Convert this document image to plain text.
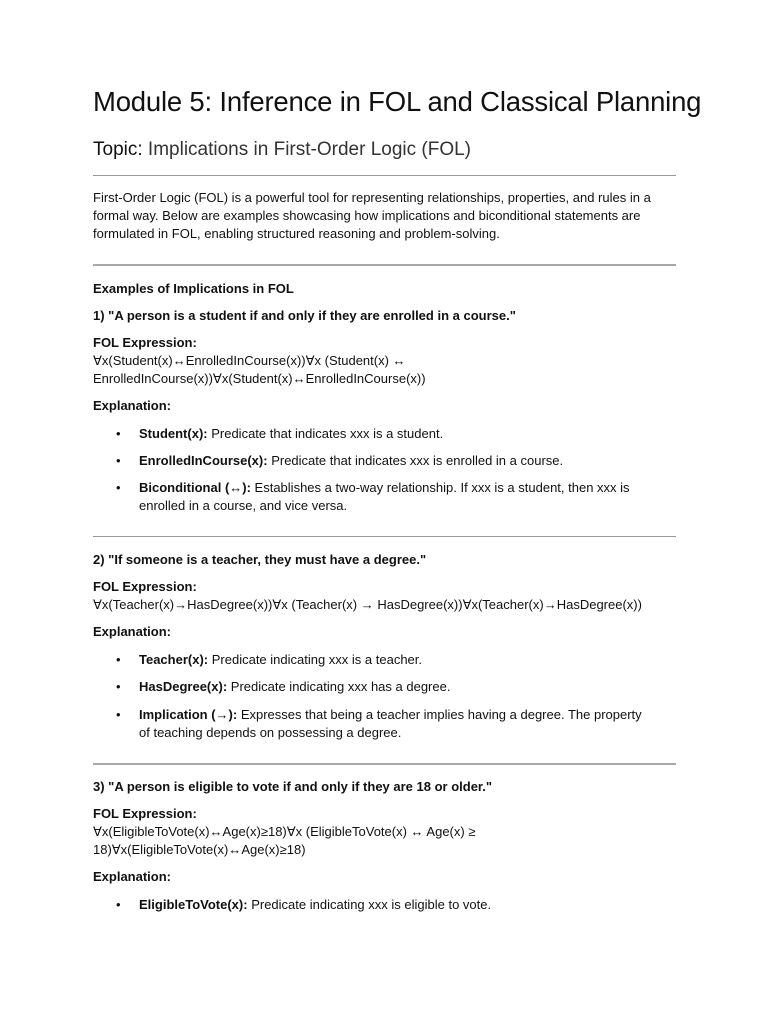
Module 5: Inference in FOL and Classical Planning

Topic: Implications in First-Order Logic (FOL)

First-Order Logic (FOL) is a powerful tool for representing relationships, properties, and rules in a formal way. Below are examples showcasing how implications and biconditional statements are formulated in FOL, enabling structured reasoning and problem-solving.

Examples of Implications in FOL

1) "A person is a student if and only if they are enrolled in a course."

FOL Expression:

∀x(Student(x)↔EnrolledInCourse(x))∀x (Student(x) ↔

EnrolledInCourse(x))∀x(Student(x)↔EnrolledInCourse(x))

Explanation:

•	Student(x): Predicate that indicates xxx is a student.

•	EnrolledInCourse(x): Predicate that indicates xxx is enrolled in a course.

•	Biconditional (↔): Establishes a two-way relationship. If xxx is a student, then xxx is enrolled in a course, and vice versa.

2) "If someone is a teacher, they must have a degree."

FOL Expression:

∀x(Teacher(x)→HasDegree(x))∀x (Teacher(x) → HasDegree(x))∀x(Teacher(x)→HasDegree(x))

Explanation:

•	Teacher(x): Predicate indicating xxx is a teacher.

•	HasDegree(x): Predicate indicating xxx has a degree.

•	Implication (→): Expresses that being a teacher implies having a degree. The property of teaching depends on possessing a degree.

3) "A person is eligible to vote if and only if they are 18 or older."

FOL Expression:

∀x(EligibleToVote(x)↔Age(x)≥18)∀x (EligibleToVote(x) ↔ Age(x) ≥

18)∀x(EligibleToVote(x)↔Age(x)≥18)

Explanation:

•	EligibleToVote(x): Predicate indicating xxx is eligible to vote.
